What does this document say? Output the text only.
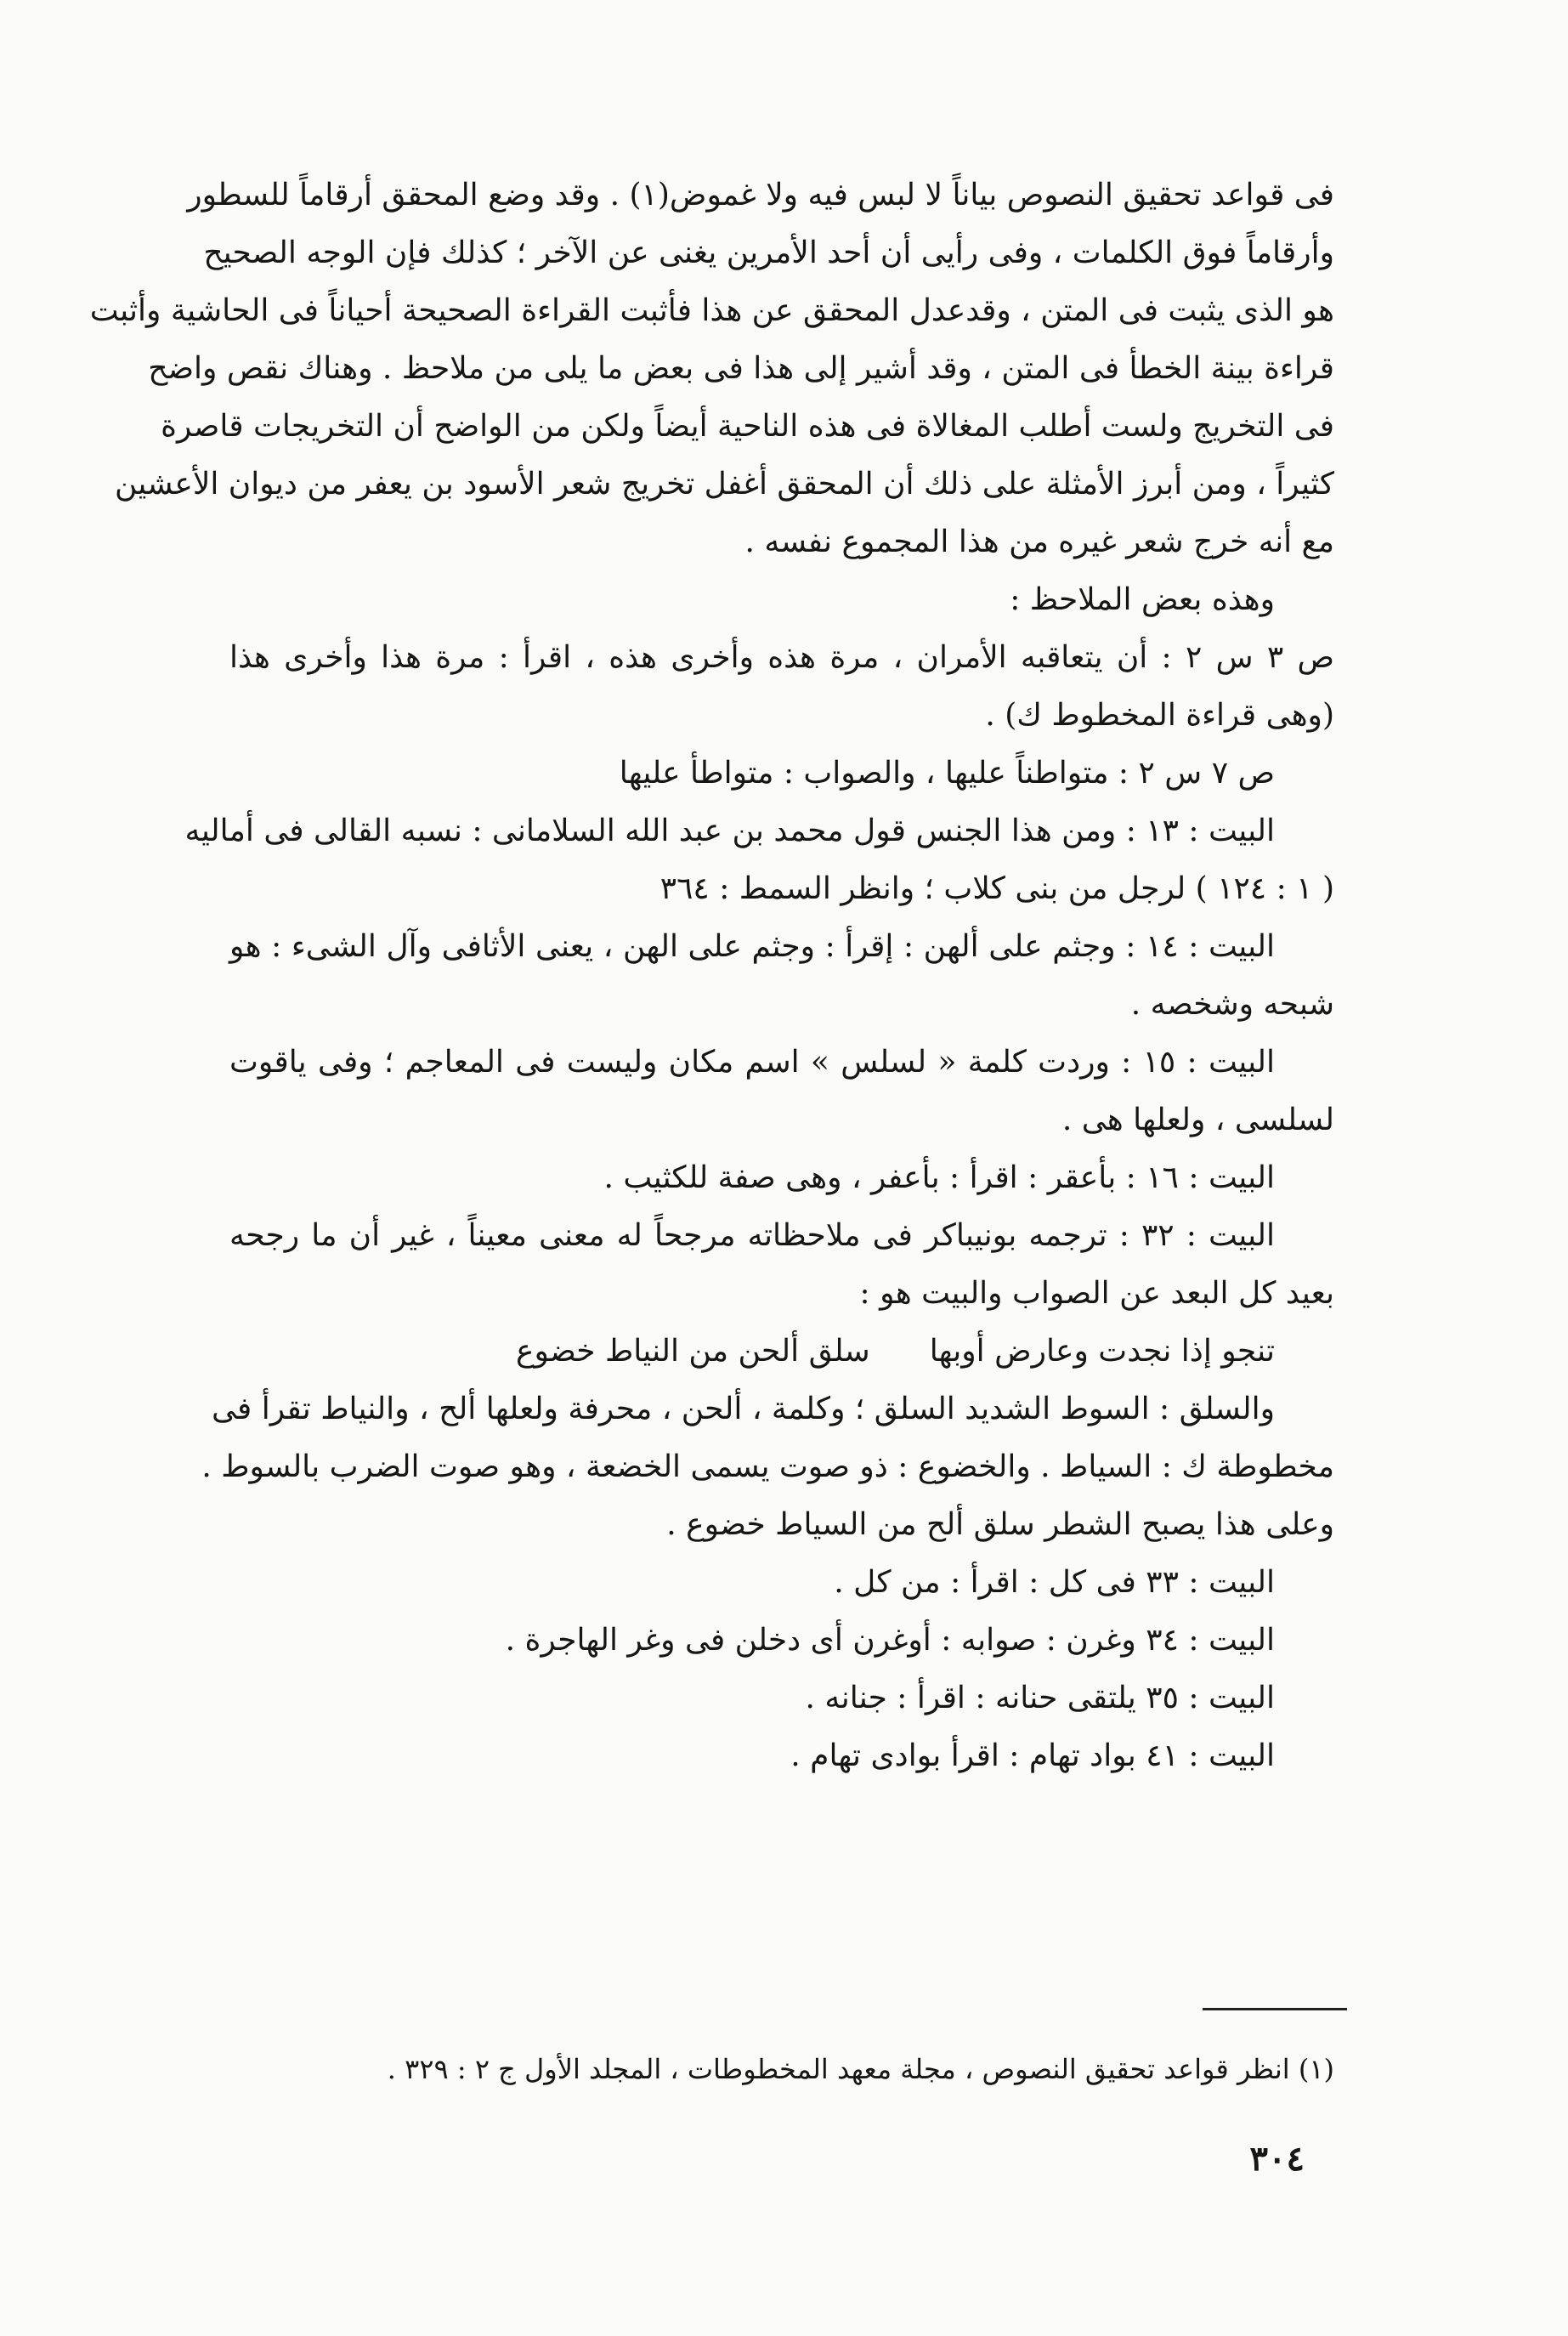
فى قواعد تحقيق النصوص بياناً لا لبس فيه ولا غموض(١) . وقد وضع المحقق أرقاماً للسطور
وأرقاماً فوق الكلمات ، وفى رأيى أن أحد الأمرين يغنى عن الآخر ؛ كذلك فإن الوجه الصحيح
هو الذى يثبت فى المتن ، وقدعدل المحقق عن هذا فأثبت القراءة الصحيحة أحياناً فى الحاشية وأثبت
قراءة بينة الخطأ فى المتن ، وقد أشير إلى هذا فى بعض ما يلى من ملاحظ . وهناك نقص واضح
فى التخريج ولست أطلب المغالاة فى هذه الناحية أيضاً ولكن من الواضح أن التخريجات قاصرة
كثيراً ، ومن أبرز الأمثلة على ذلك أن المحقق أغفل تخريج شعر الأسود بن يعفر من ديوان الأعشين
مع أنه خرج شعر غيره من هذا المجموع نفسه .
وهذه بعض الملاحظ :
ص ٣ س ٢ : أن يتعاقبه الأمران ، مرة هذه وأخرى هذه ، اقرأ : مرة هذا وأخرى هذا
(وهى قراءة المخطوط ك) .
ص ٧ س ٢ : متواطناً عليها ، والصواب : متواطأ عليها
البيت : ١٣ : ومن هذا الجنس قول محمد بن عبد الله السلامانى : نسبه القالى فى أماليه
( ١ : ١٢٤ ) لرجل من بنى كلاب ؛ وانظر السمط : ٣٦٤
البيت : ١٤ : وجثم على ألهن : إقرأ : وجثم على الهن ، يعنى الأثافى وآل الشىء : هو
شبحه وشخصه .
البيت : ١٥ : وردت كلمة « لسلس » اسم مكان وليست فى المعاجم ؛ وفى ياقوت
لسلسى ، ولعلها هى .
البيت : ١٦ : بأعقر : اقرأ : بأعفر ، وهى صفة للكثيب .
البيت : ٣٢ : ترجمه بونيباكر فى ملاحظاته مرجحاً له معنى معيناً ، غير أن ما رجحه
بعيد كل البعد عن الصواب والبيت هو :
تنجو إذا نجدت وعارض أوبها
سلق ألحن من النياط خضوع
والسلق : السوط الشديد السلق ؛ وكلمة ، ألحن ، محرفة ولعلها ألح ، والنياط تقرأ فى
مخطوطة ك : السياط . والخضوع : ذو صوت يسمى الخضعة ، وهو صوت الضرب بالسوط .
وعلى هذا يصبح الشطر سلق ألح من السياط خضوع .
البيت : ٣٣ فى كل : اقرأ : من كل .
البيت : ٣٤ وغرن : صوابه : أوغرن أى دخلن فى وغر الهاجرة .
البيت : ٣٥ يلتقى حنانه : اقرأ : جنانه .
البيت : ٤١ بواد تهام : اقرأ بوادى تهام .
(١) انظر قواعد تحقيق النصوص ، مجلة معهد المخطوطات ، المجلد الأول ج ٢ : ٣٢٩ .
٣٠٤
